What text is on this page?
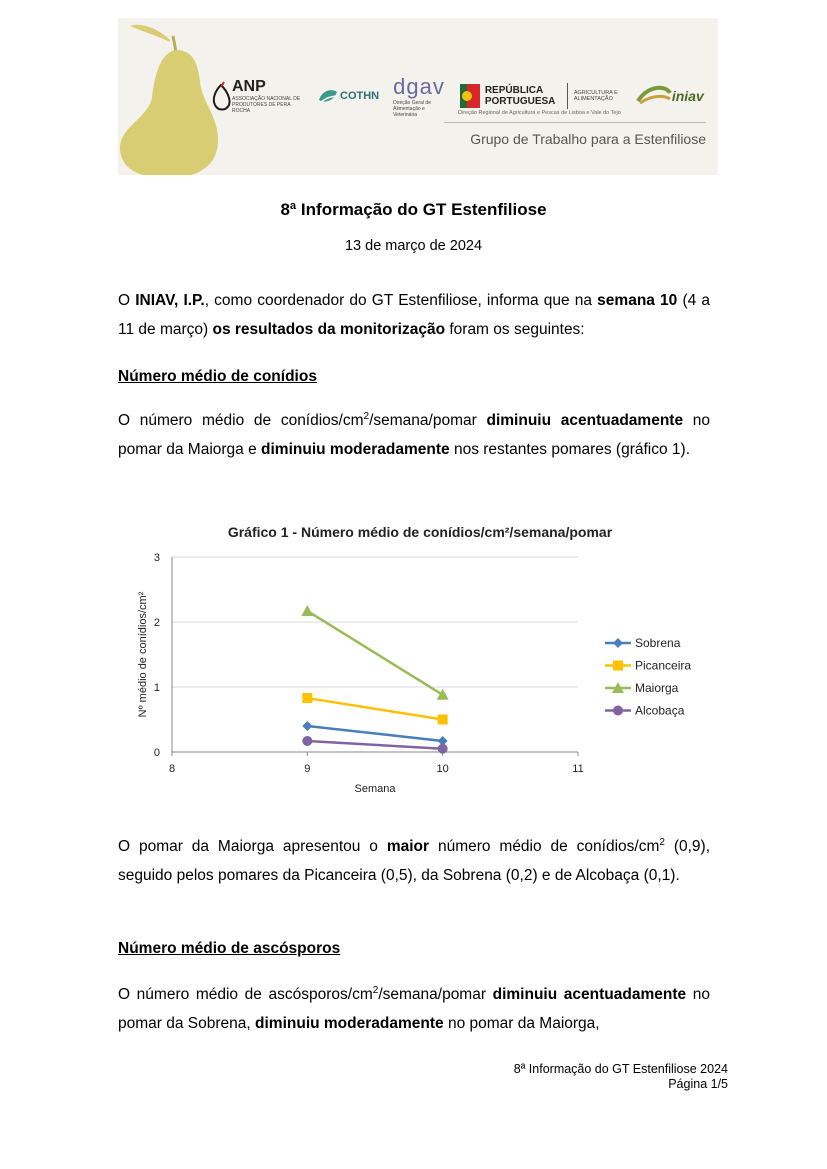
ANP
ASSOCIAÇÃO NACIONAL DE PRODUTORES DE PERA ROCHA
COTHN dgav
Direção Geral de Alimentação e Veterinária
REPÚBLICA PORTUGUESA
AGRICULTURA E ALIMENTAÇÃO	iniav
Direção Regional de Agricultura e Pescas de Lisboa e Vale do Tejo
Grupo de Trabalho para a Estenfiliose
8ª Informação do GT Estenfiliose
13 de março de 2024

O INIAV, I.P., como coordenador do GT Estenfiliose, informa que na semana 10 (4 a 11 de março) os resultados da monitorização foram os seguintes:

Número médio de conídios

O número médio de conídios/$cm^2/semana$/pomar diminuiu acentuadamente no pomar da Maiorga e diminuiu moderadamente nos restantes pomares (gráfico 1).

Gráfico 1 - Número médio de conídios/cm²/semana/pomar
0
1
2
3
8	9	10	11
Semana
Nº médio de conídios/cm²	Sobrena
Picanceira
Maiorga
Alcobaça

O pomar da Maiorga apresentou o maior número médio de conídios/$cm^2$ (0,9), seguido pelos pomares da Picanceira (0,5), da Sobrena (0,2) e de Alcobaça (0,1).

Número médio de ascósporos

O número médio de ascósporos/$cm^2/semana$/pomar diminuiu acentuadamente no pomar da Sobrena, diminuiu moderadamente no pomar da Maiorga,

8ª Informação do GT Estenfiliose 2024
Página 1/5
